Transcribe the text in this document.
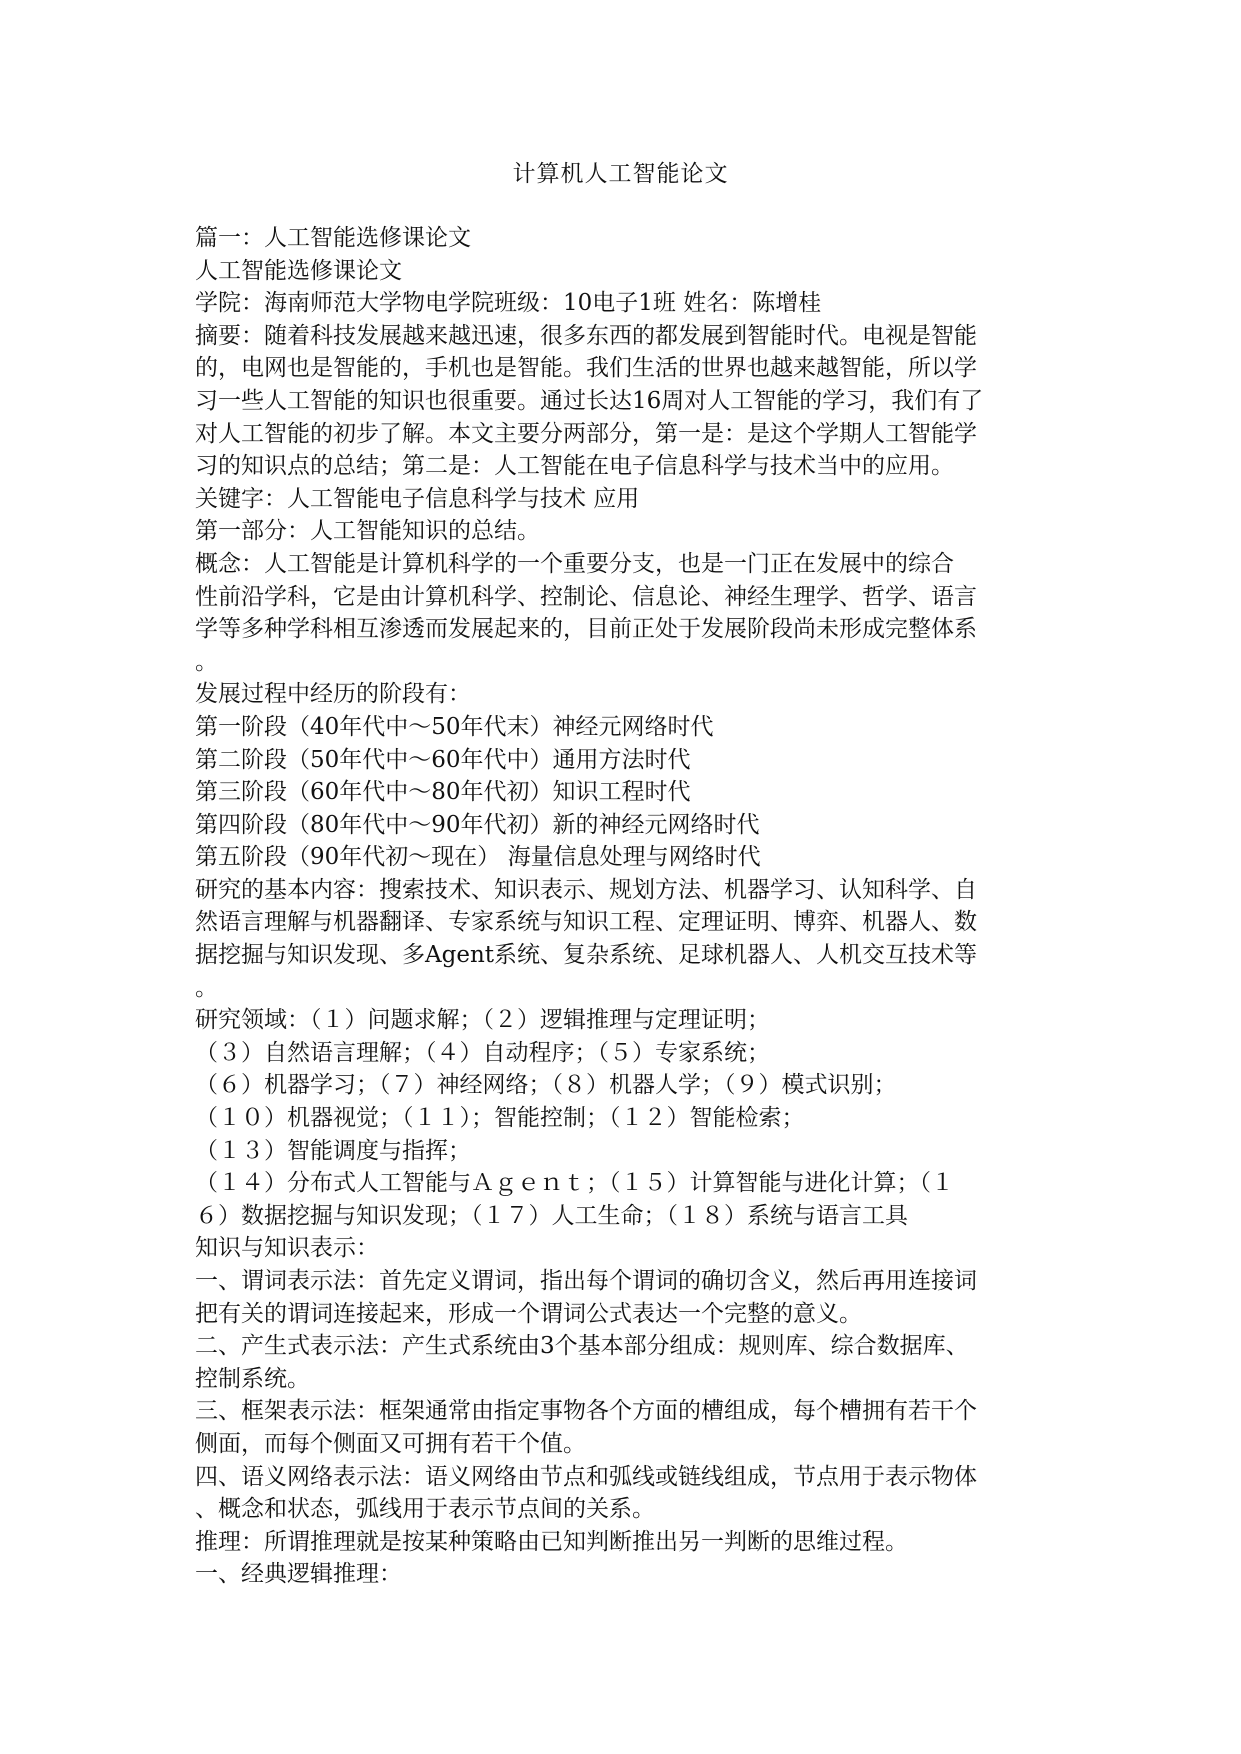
计算机人工智能论文
篇一：人工智能选修课论文
人工智能选修课论文
学院：海南师范大学物电学院班级：10电子1班 姓名：陈增桂
摘要：随着科技发展越来越迅速，很多东西的都发展到智能时代。电视是智能
的，电网也是智能的，手机也是智能。我们生活的世界也越来越智能，所以学
习一些人工智能的知识也很重要。通过长达16周对人工智能的学习，我们有了
对人工智能的初步了解。本文主要分两部分，第一是：是这个学期人工智能学
习的知识点的总结；第二是：人工智能在电子信息科学与技术当中的应用。
关键字：人工智能电子信息科学与技术 应用
第一部分：人工智能知识的总结。
概念：人工智能是计算机科学的一个重要分支，也是一门正在发展中的综合
性前沿学科，它是由计算机科学、控制论、信息论、神经生理学、哲学、语言
学等多种学科相互渗透而发展起来的，目前正处于发展阶段尚未形成完整体系
。
发展过程中经历的阶段有：
第一阶段（40年代中～50年代末）神经元网络时代
第二阶段（50年代中～60年代中）通用方法时代
第三阶段（60年代中～80年代初）知识工程时代
第四阶段（80年代中～90年代初）新的神经元网络时代
第五阶段（90年代初～现在） 海量信息处理与网络时代
研究的基本内容：搜索技术、知识表示、规划方法、机器学习、认知科学、自
然语言理解与机器翻译、专家系统与知识工程、定理证明、博弈、机器人、数
据挖掘与知识发现、多Agent系统、复杂系统、足球机器人、人机交互技术等
。
研究领域：（１）问题求解；（２）逻辑推理与定理证明；
（３）自然语言理解；（４）自动程序；（５）专家系统；
（６）机器学习；（７）神经网络；（８）机器人学；（９）模式识别；
（１０）机器视觉；（１１）；智能控制；（１２）智能检索；
（１３）智能调度与指挥；
（１４）分布式人工智能与Ａｇｅｎｔ；（１５）计算智能与进化计算；（１
６）数据挖掘与知识发现；（１７）人工生命；（１８）系统与语言工具
知识与知识表示：
一、谓词表示法：首先定义谓词，指出每个谓词的确切含义，然后再用连接词
把有关的谓词连接起来，形成一个谓词公式表达一个完整的意义。
二、产生式表示法：产生式系统由3个基本部分组成：规则库、综合数据库、
控制系统。
三、框架表示法：框架通常由指定事物各个方面的槽组成，每个槽拥有若干个
侧面，而每个侧面又可拥有若干个值。
四、语义网络表示法：语义网络由节点和弧线或链线组成，节点用于表示物体
、概念和状态，弧线用于表示节点间的关系。
推理：所谓推理就是按某种策略由已知判断推出另一判断的思维过程。
一、经典逻辑推理：
